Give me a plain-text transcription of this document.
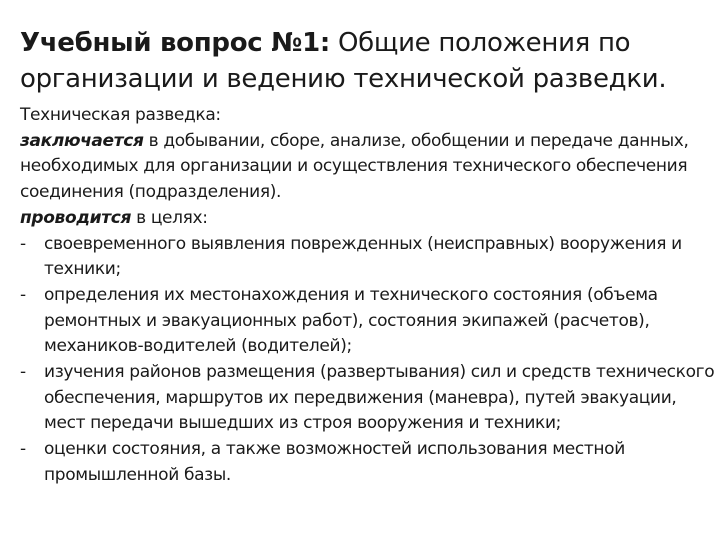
Учебный вопрос №1: Общие положения по организации и ведению технической разведки.

Техническая разведка:

заключается в добывании, сборе, анализе, обобщении и передаче данных, необходимых для организации и осуществления технического обеспечения соединения (подразделения).

проводится в целях:

- своевременного выявления поврежденных (неисправных) вооружения и техники;
- определения их местонахождения и технического состояния (объема ремонтных и эвакуационных работ), состояния экипажей (расчетов), механиков-водителей (водителей);
- изучения районов размещения (развертывания) сил и средств технического обеспечения, маршрутов их передвижения (маневра), путей эвакуации, мест передачи вышедших из строя вооружения и техники;
- оценки состояния, а также возможностей использования местной промышленной базы.
